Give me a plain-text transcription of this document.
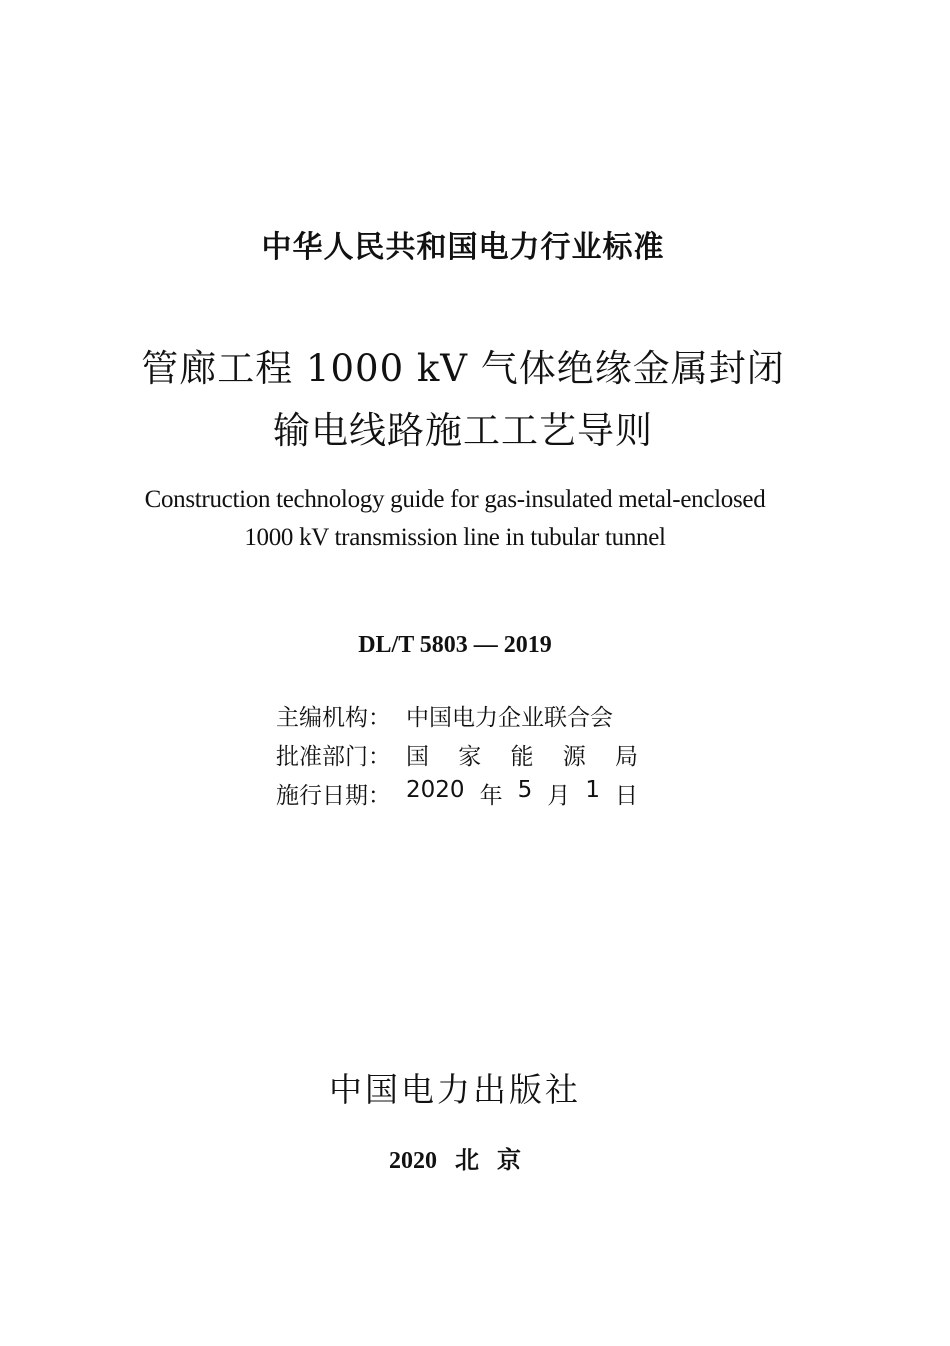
中华人民共和国电力行业标准
管廊工程 1000 kV 气体绝缘金属封闭
输电线路施工工艺导则
Construction technology guide for gas-insulated metal-enclosed
1000 kV transmission line in tubular tunnel
DL/T 5803 — 2019
主编机构： 中国电力企业联合会
批准部门： 国 家 能 源 局
施行日期： 2020 年 5 月 1 日
中国电力出版社
2020 北 京
